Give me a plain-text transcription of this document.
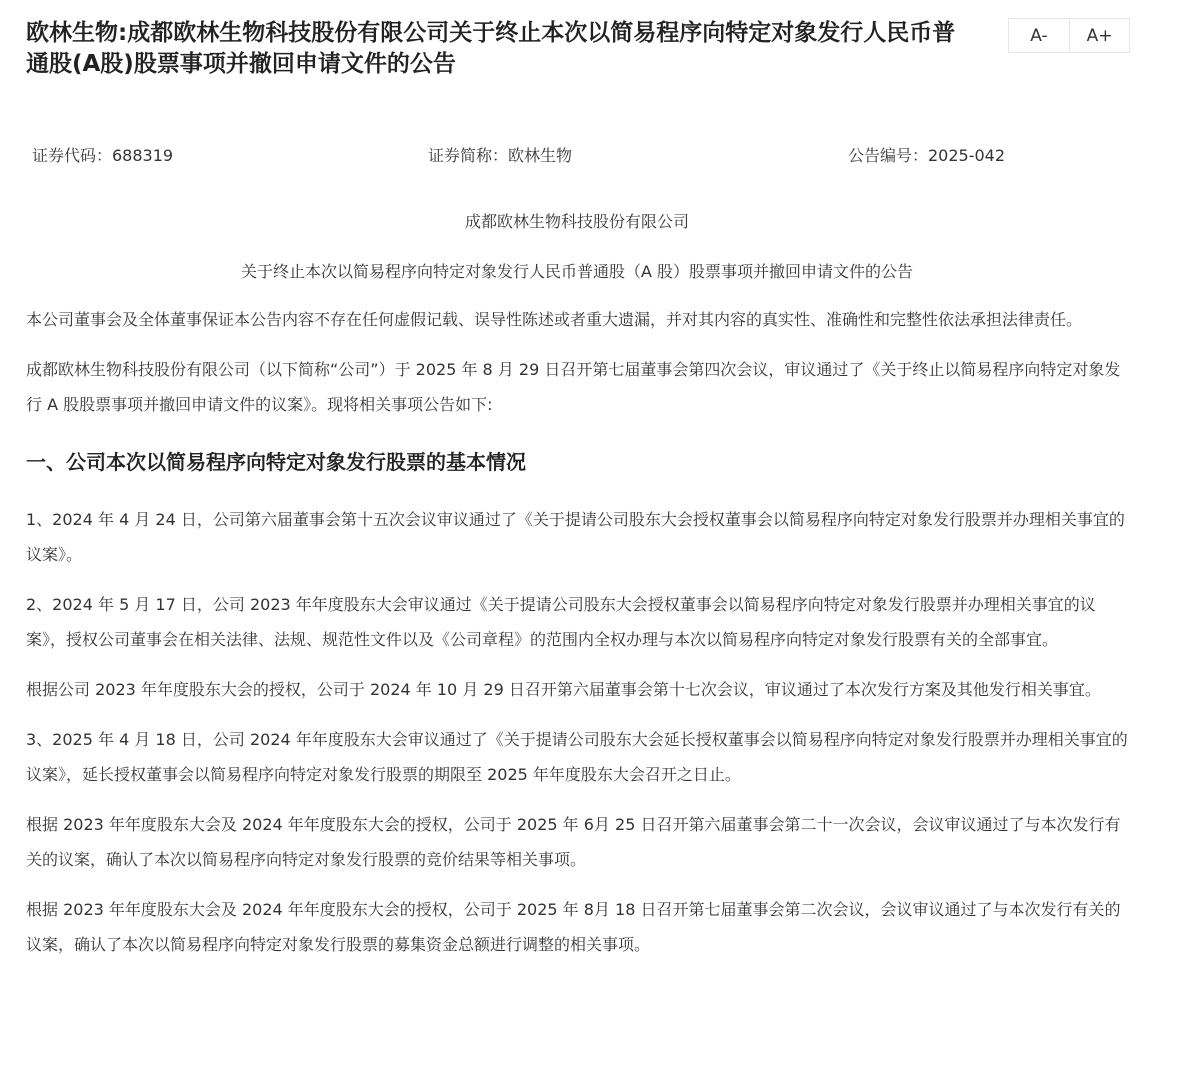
欧林生物:成都欧林生物科技股份有限公司关于终止本次以简易程序向特定对象发行人民币普通股(A股)股票事项并撤回申请文件的公告
A-	A+
证券代码：688319	证券简称：欧林生物	公告编号：2025-042
成都欧林生物科技股份有限公司
关于终止本次以简易程序向特定对象发行人民币普通股（A 股）股票事项并撤回申请文件的公告

本公司董事会及全体董事保证本公告内容不存在任何虚假记载、误导性陈述或者重大遗漏，并对其内容的真实性、准确性和完整性依法承担法律责任。

成都欧林生物科技股份有限公司（以下简称“公司”）于 2025 年 8 月 29 日召开第七届董事会第四次会议，审议通过了《关于终止以简易程序向特定对象发行 A 股股票事项并撤回申请文件的议案》。现将相关事项公告如下:

一、公司本次以简易程序向特定对象发行股票的基本情况

1、2024 年 4 月 24 日，公司第六届董事会第十五次会议审议通过了《关于提请公司股东大会授权董事会以简易程序向特定对象发行股票并办理相关事宜的议案》。

2、2024 年 5 月 17 日，公司 2023 年年度股东大会审议通过《关于提请公司股东大会授权董事会以简易程序向特定对象发行股票并办理相关事宜的议案》，授权公司董事会在相关法律、法规、规范性文件以及《公司章程》的范围内全权办理与本次以简易程序向特定对象发行股票有关的全部事宜。

根据公司 2023 年年度股东大会的授权，公司于 2024 年 10 月 29 日召开第六届董事会第十七次会议，审议通过了本次发行方案及其他发行相关事宜。

3、2025 年 4 月 18 日，公司 2024 年年度股东大会审议通过了《关于提请公司股东大会延长授权董事会以简易程序向特定对象发行股票并办理相关事宜的议案》，延长授权董事会以简易程序向特定对象发行股票的期限至 2025 年年度股东大会召开之日止。

根据 2023 年年度股东大会及 2024 年年度股东大会的授权，公司于 2025 年 6月 25 日召开第六届董事会第二十一次会议，会议审议通过了与本次发行有关的议案，确认了本次以简易程序向特定对象发行股票的竞价结果等相关事项。

根据 2023 年年度股东大会及 2024 年年度股东大会的授权，公司于 2025 年 8月 18 日召开第七届董事会第二次会议，会议审议通过了与本次发行有关的议案，确认了本次以简易程序向特定对象发行股票的募集资金总额进行调整的相关事项。
